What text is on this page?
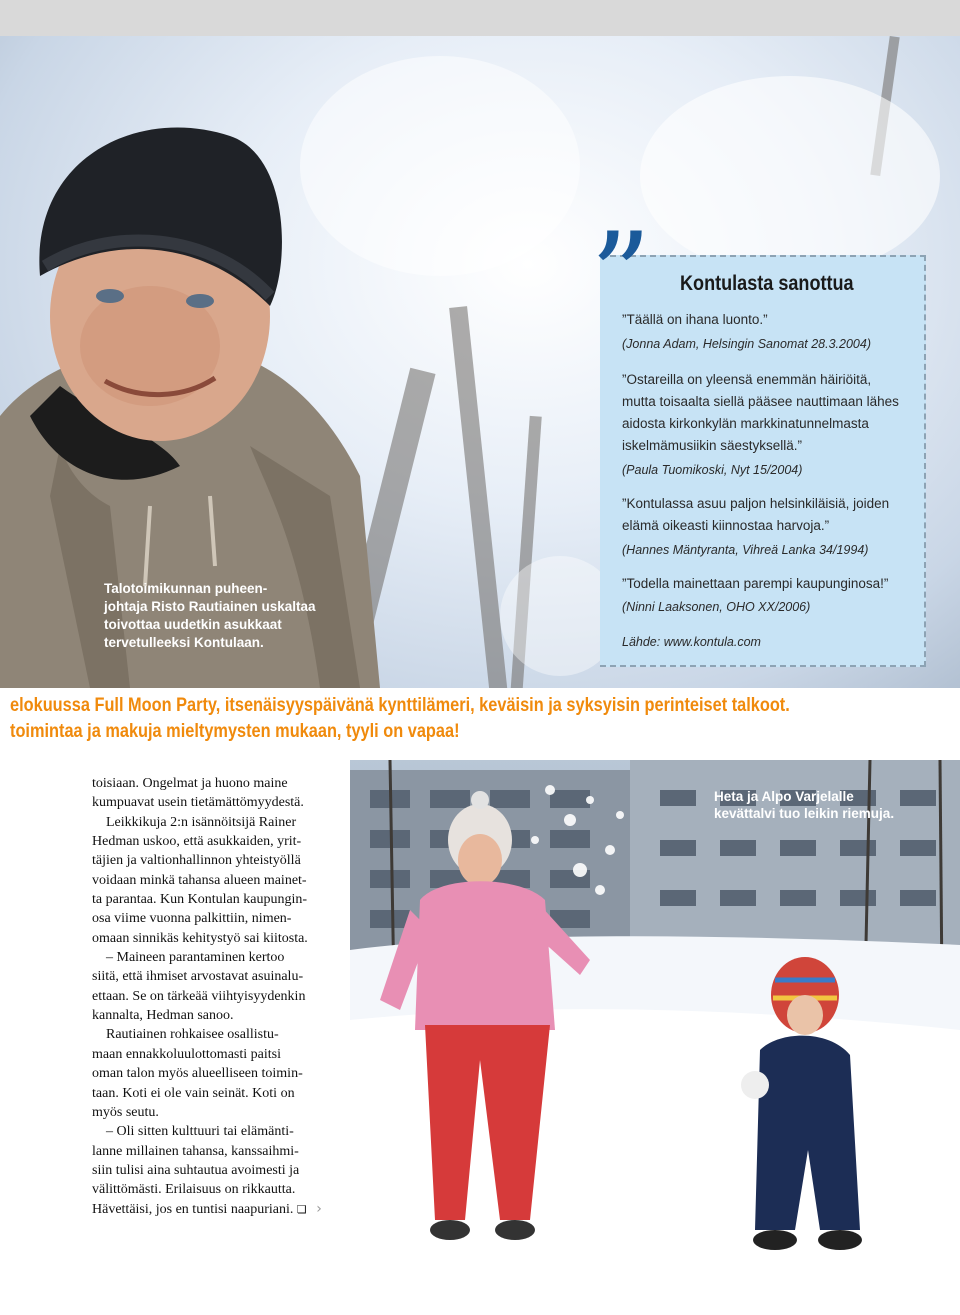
Talotoimikunnan puheen-
johtaja Risto Rautiainen uskaltaa
toivottaa uudetkin asukkaat
tervetulleeksi Kontulaan.
” Kontulasta sanottua
”Täällä on ihana luonto.”
(Jonna Adam, Helsingin Sanomat 28.3.2004)
”Ostareilla on yleensä enemmän häiriöitä,
mutta toisaalta siellä pääsee nauttimaan lähes
aidosta kirkonkylän markkinatunnelmasta
iskelmämusiikin säestyksellä.”
(Paula Tuomikoski, Nyt 15/2004)
”Kontulassa asuu paljon helsinkiläisiä, joiden
elämä oikeasti kiinnostaa harvoja.”
(Hannes Mäntyranta, Vihreä Lanka 34/1994)
”Todella mainettaan parempi kaupunginosa!”
(Ninni Laaksonen, OHO XX/2006)
Lähde: www.kontula.com
elokuussa Full Moon Party, itsenäisyyspäivänä kynttilämeri, keväisin ja syksyisin perinteiset talkoot.
toimintaa ja makuja mieltymysten mukaan, tyyli on vapaa!

toisiaan. Ongelmat ja huono maine

kumpuavat usein tietämättömyydestä.

Leikkikuja 2:n isännöitsijä Rainer

Hedman uskoo, että asukkaiden, yrit-

täjien ja valtionhallinnon yhteistyöllä

voidaan minkä tahansa alueen mainet-

ta parantaa. Kun Kontulan kaupungin-

osa viime vuonna palkittiin, nimen-

omaan sinnikäs kehitystyö sai kiitosta.

– Maineen parantaminen kertoo

siitä, että ihmiset arvostavat asuinalu-

ettaan. Se on tärkeää viihtyisyydenkin

kannalta, Hedman sanoo.

Rautiainen rohkaisee osallistu-

maan ennakkoluulottomasti paitsi

oman talon myös alueelliseen toimin-

taan. Koti ei ole vain seinät. Koti on

myös seutu.

– Oli sitten kulttuuri tai elämänti-

lanne millainen tahansa, kanssaihmi-

siin tulisi aina suhtautua avoimesti ja

välittömästi. Erilaisuus on rikkautta.

Hävettäisi, jos en tuntisi naapuriani. ❏ ›

Heta ja Alpo Varjelalle
kevättalvi tuo leikin riemuja.
